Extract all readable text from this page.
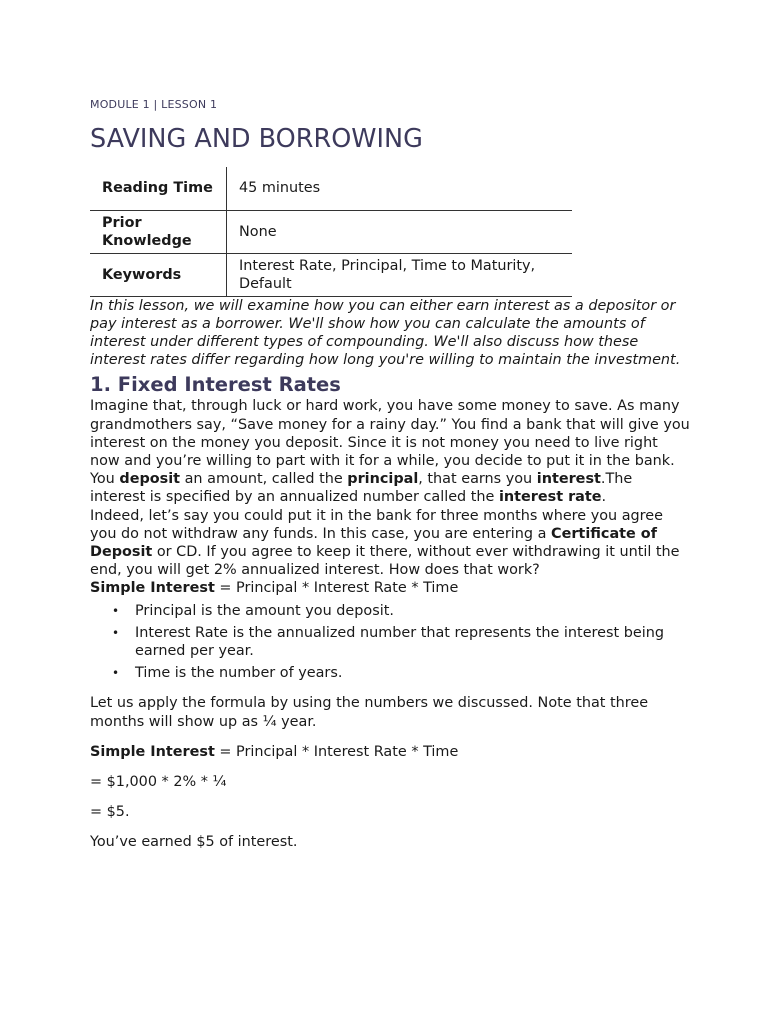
MODULE 1 | LESSON 1
SAVING AND BORROWING
Reading Time	45 minutes
Prior Knowledge	None
Keywords	Interest Rate, Principal, Time to Maturity, Default

In this lesson, we will examine how you can either earn interest as a depositor or pay interest as a borrower. We'll show how you can calculate the amounts of interest under different types of compounding. We'll also discuss how these interest rates differ regarding how long you're willing to maintain the investment.

1. Fixed Interest Rates

Imagine that, through luck or hard work, you have some money to save. As many grandmothers say, “Save money for a rainy day.” You find a bank that will give you interest on the money you deposit. Since it is not money you need to live right now and you’re willing to part with it for a while, you decide to put it in the bank. You deposit an amount, called the principal, that earns you interest.The interest is specified by an annualized number called the interest rate.

Indeed, let’s say you could put it in the bank for three months where you agree you do not withdraw any funds. In this case, you are entering a Certificate of Deposit or CD. If you agree to keep it there, without ever withdrawing it until the end, you will get 2% annualized interest. How does that work?

Simple Interest = Principal * Interest Rate * Time

• Principal is the amount you deposit.
• Interest Rate is the annualized number that represents the interest being earned per year.
• Time is the number of years.

Let us apply the formula by using the numbers we discussed. Note that three months will show up as ¼ year.

Simple Interest = Principal * Interest Rate * Time

= $1,000 * 2% * ¼

= $5.

You’ve earned $5 of interest.
